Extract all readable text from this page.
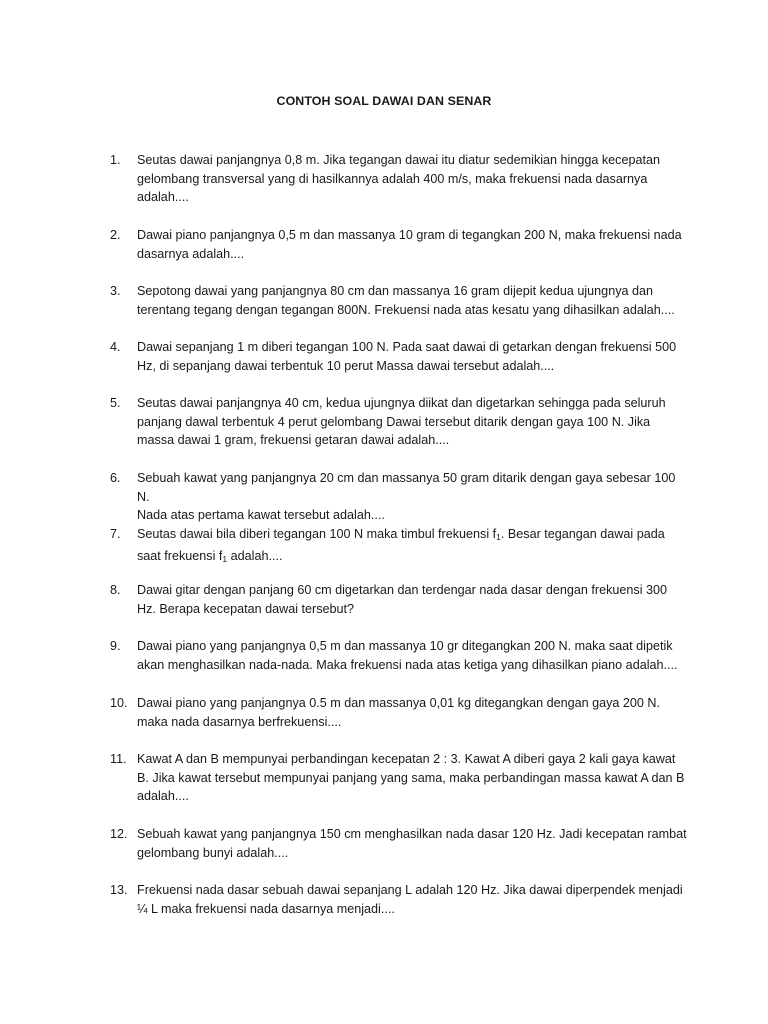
CONTOH SOAL DAWAI DAN SENAR
1.	Seutas dawai panjangnya 0,8 m. Jika tegangan dawai itu diatur sedemikian hingga kecepatan
gelombang transversal yang di hasilkannya adalah 400 m/s, maka frekuensi nada dasarnya
adalah....
2.	Dawai piano panjangnya 0,5 m dan massanya 10 gram di tegangkan 200 N, maka frekuensi nada
dasarnya adalah....
3.	Sepotong dawai yang panjangnya 80 cm dan massanya 16 gram dijepit kedua ujungnya dan
terentang tegang dengan tegangan 800N. Frekuensi nada atas kesatu yang dihasilkan adalah....
4.	Dawai sepanjang 1 m diberi tegangan 100 N. Pada saat dawai di getarkan dengan frekuensi 500
Hz, di sepanjang dawai terbentuk 10 perut Massa dawai tersebut adalah....
5.	Seutas dawai panjangnya 40 cm, kedua ujungnya diikat dan digetarkan sehingga pada seluruh
panjang dawal terbentuk 4 perut gelombang Dawai tersebut ditarik dengan gaya 100 N. Jika
massa dawai 1 gram, frekuensi getaran dawai adalah....
6.	Sebuah kawat yang panjangnya 20 cm dan massanya 50 gram ditarik dengan gaya sebesar 100 N.
Nada atas pertama kawat tersebut adalah....
7.	Seutas dawai bila diberi tegangan 100 N maka timbul frekuensi $f_1$. Besar tegangan dawai pada
saat frekuensi $f_1$ adalah....
8.	Dawai gitar dengan panjang 60 cm digetarkan dan terdengar nada dasar dengan frekuensi 300
Hz. Berapa kecepatan dawai tersebut?
9.	Dawai piano yang panjangnya 0,5 m dan massanya 10 gr ditegangkan 200 N. maka saat dipetik
akan menghasilkan nada-nada. Maka frekuensi nada atas ketiga yang dihasilkan piano adalah....
10. Dawai piano yang panjangnya 0.5 m dan massanya 0,01 kg ditegangkan dengan gaya 200 N.
maka nada dasarnya berfrekuensi....
11. Kawat A dan B mempunyai perbandingan kecepatan 2 : 3. Kawat A diberi gaya 2 kali gaya kawat
B. Jika kawat tersebut mempunyai panjang yang sama, maka perbandingan massa kawat A dan B
adalah....
12. Sebuah kawat yang panjangnya 150 cm menghasilkan nada dasar 120 Hz. Jadi kecepatan rambat
gelombang bunyi adalah....
13. Frekuensi nada dasar sebuah dawai sepanjang L adalah 120 Hz. Jika dawai diperpendek menjadi
¼ L maka frekuensi nada dasarnya menjadi....
